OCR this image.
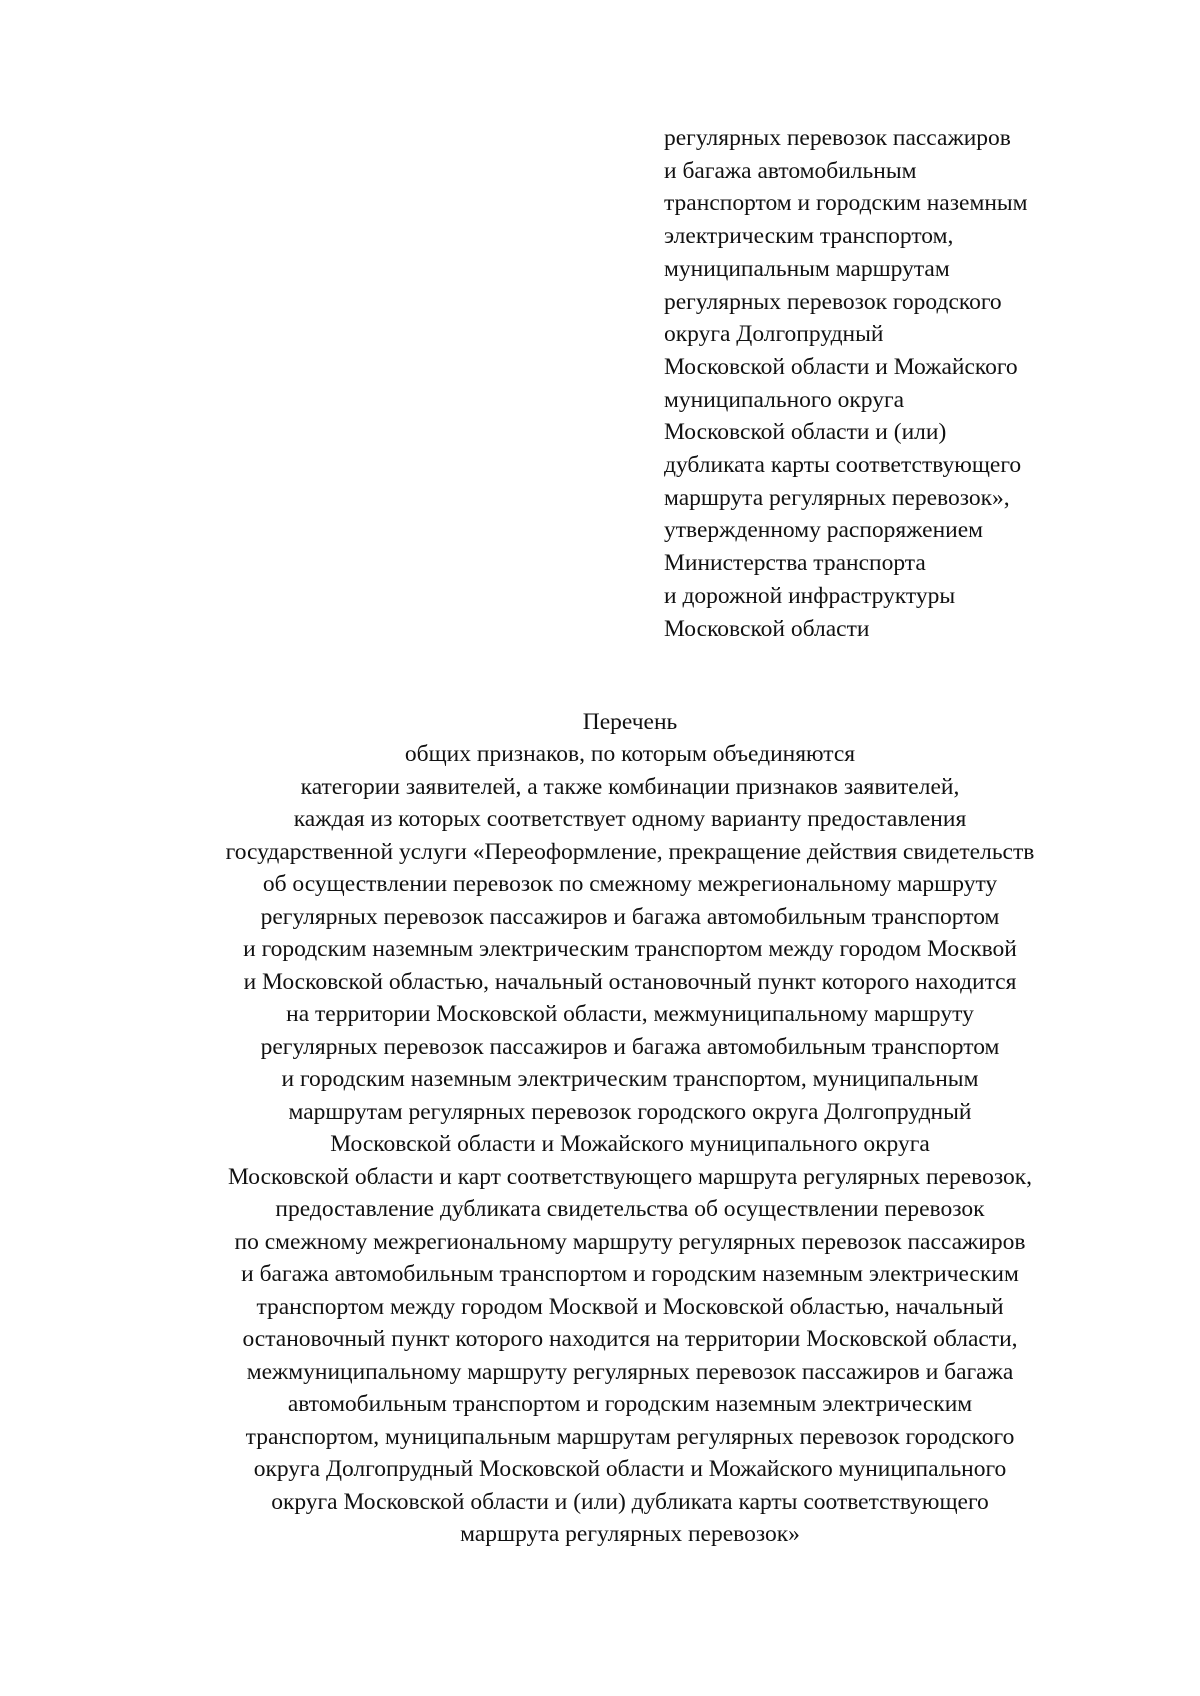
регулярных перевозок пассажиров
и багажа автомобильным
транспортом и городским наземным
электрическим транспортом,
муниципальным маршрутам
регулярных перевозок городского
округа Долгопрудный
Московской области и Можайского
муниципального округа
Московской области и (или)
дубликата карты соответствующего
маршрута регулярных перевозок»,
утвержденному распоряжением
Министерства транспорта
и дорожной инфраструктуры
Московской области
Перечень
общих признаков, по которым объединяются
категории заявителей, а также комбинации признаков заявителей,
каждая из которых соответствует одному варианту предоставления
государственной услуги «Переоформление, прекращение действия свидетельств
об осуществлении перевозок по смежному межрегиональному маршруту
регулярных перевозок пассажиров и багажа автомобильным транспортом
и городским наземным электрическим транспортом между городом Москвой
и Московской областью, начальный остановочный пункт которого находится
на территории Московской области, межмуниципальному маршруту
регулярных перевозок пассажиров и багажа автомобильным транспортом
и городским наземным электрическим транспортом, муниципальным
маршрутам регулярных перевозок городского округа Долгопрудный
Московской области и Можайского муниципального округа
Московской области и карт соответствующего маршрута регулярных перевозок,
предоставление дубликата свидетельства об осуществлении перевозок
по смежному межрегиональному маршруту регулярных перевозок пассажиров
и багажа автомобильным транспортом и городским наземным электрическим
транспортом между городом Москвой и Московской областью, начальный
остановочный пункт которого находится на территории Московской области,
межмуниципальному маршруту регулярных перевозок пассажиров и багажа
автомобильным транспортом и городским наземным электрическим
транспортом, муниципальным маршрутам регулярных перевозок городского
округа Долгопрудный Московской области и Можайского муниципального
округа Московской области и (или) дубликата карты соответствующего
маршрута регулярных перевозок»
